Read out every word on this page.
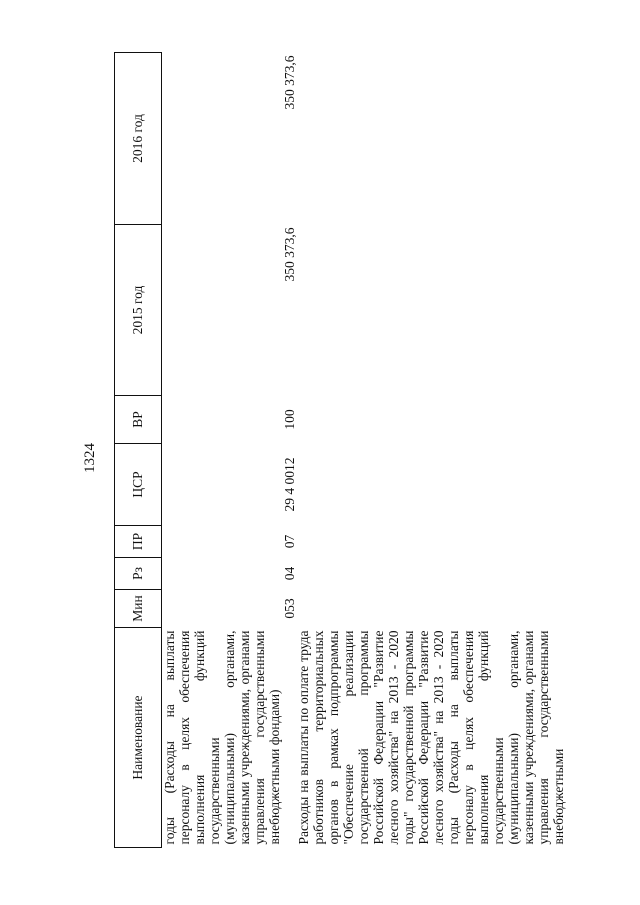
1324
Наименование	Мин	Рз	ПР	ЦСР	ВР	2015 год	2016 год
годы (Расходы на выплаты персоналу в целях обеспечения выполнения функций государственными (муниципальными) органами, казенными учреждениями, органами управления государственными внебюджетными фондами)							
Расходы на выплаты по оплате труда работников территориальных органов в рамках подпрограммы "Обеспечение реализации государственной программы Российской Федерации "Развитие лесного хозяйства" на 2013 - 2020 годы" государственной программы Российской Федерации "Развитие лесного хозяйства" на 2013 - 2020 годы (Расходы на выплаты персоналу в целях обеспечения выполнения функций государственными (муниципальными) органами, казенными учреждениями, органами управления государственными внебюджетными	053	04	07	29 4 0012	100	350 373,6	350 373,6
